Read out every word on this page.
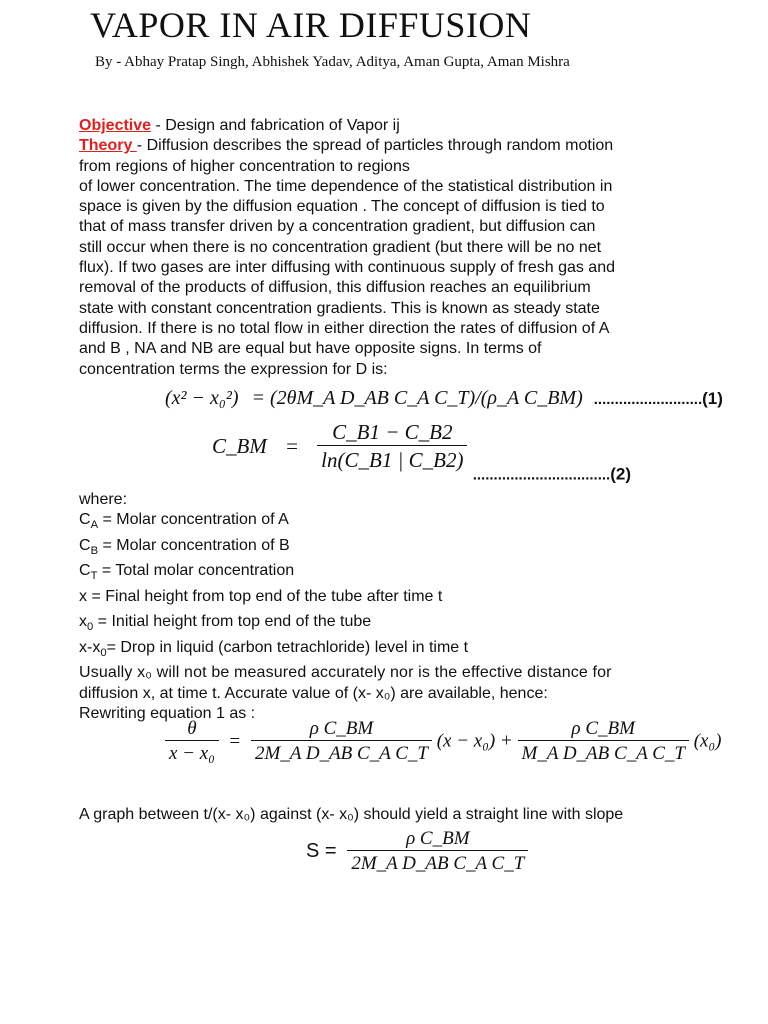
VAPOR IN AIR DIFFUSION
By - Abhay Pratap Singh, Abhishek Yadav, Aditya, Aman Gupta, Aman Mishra
Objective - Design and fabrication of Vapor ij
Theory - Diffusion describes the spread of particles through random motion
from regions of higher concentration to regions
of lower concentration. The time dependence of the statistical distribution in
space is given by the diffusion equation . The concept of diffusion is tied to
that of mass transfer driven by a concentration gradient, but diffusion can
still occur when there is no concentration gradient (but there will be no net
flux). If two gases are inter diffusing with continuous supply of fresh gas and
removal of the products of diffusion, this diffusion reaches an equilibrium
state with constant concentration gradients. This is known as steady state
diffusion. If there is no total flow in either direction the rates of diffusion of A
and B , NA and NB are equal but have opposite signs. In terms of
concentration terms the expression for D is:
(x² − x₀²) = (2θM_A D_AB C_A C_T)/(ρ_A C_BM) ..........................(1)
C_BM = $\frac{C\_B1 - C\_B2}{\ln(C\_B1 | C\_B2)}$
$_{.................................(2)}$
where:
$C_A$ = Molar concentration of A
$C_B$ = Molar concentration of B
$C_T$ = Total molar concentration
x = Final height from top end of the tube after time t
$x_0$ = Initial height from top end of the tube
$x-x_0=$ Drop in liquid (carbon tetrachloride) level in time t
Usually x₀ will not be measured accurately nor is the effective distance for
diffusion x, at time t. Accurate value of (x- x₀) are available, hence:
Rewriting equation 1 as :
$\frac{\theta}{\text{x − x₀}} = \frac{\text{ρ C\_BM}}{\text{2M\_A D\_AB C\_A C\_T}} (x - x_0) + \frac{\text{ρ C\_BM}}{\text{M\_A D\_AB C\_A C\_T}} (x_0)$
A graph between t/(x- x₀) against (x- x₀) should yield a straight line with slope
$S = \frac{\text{ρ C\_BM}}{\text{2M\_A D\_AB C\_A C\_T}}$
